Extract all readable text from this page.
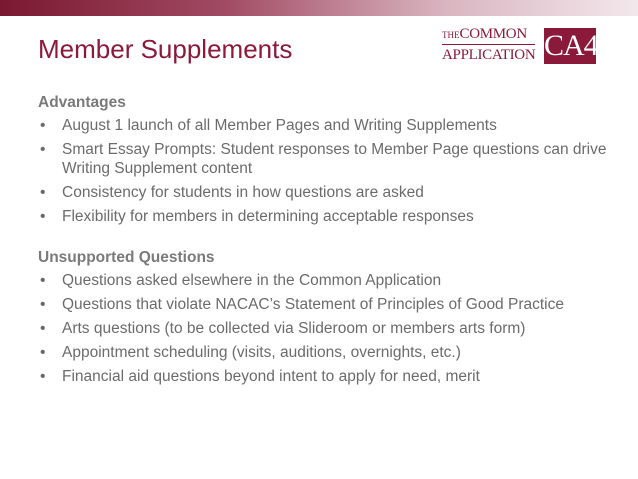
Member Supplements	THECOMMON
APPLICATION CA4
Advantages
• August 1 launch of all Member Pages and Writing Supplements
• Smart Essay Prompts: Student responses to Member Page questions can drive Writing Supplement content
• Consistency for students in how questions are asked
• Flexibility for members in determining acceptable responses
Unsupported Questions
• Questions asked elsewhere in the Common Application
• Questions that violate NACAC’s Statement of Principles of Good Practice
• Arts questions (to be collected via Slideroom or members arts form)
• Appointment scheduling (visits, auditions, overnights, etc.)
• Financial aid questions beyond intent to apply for need, merit
